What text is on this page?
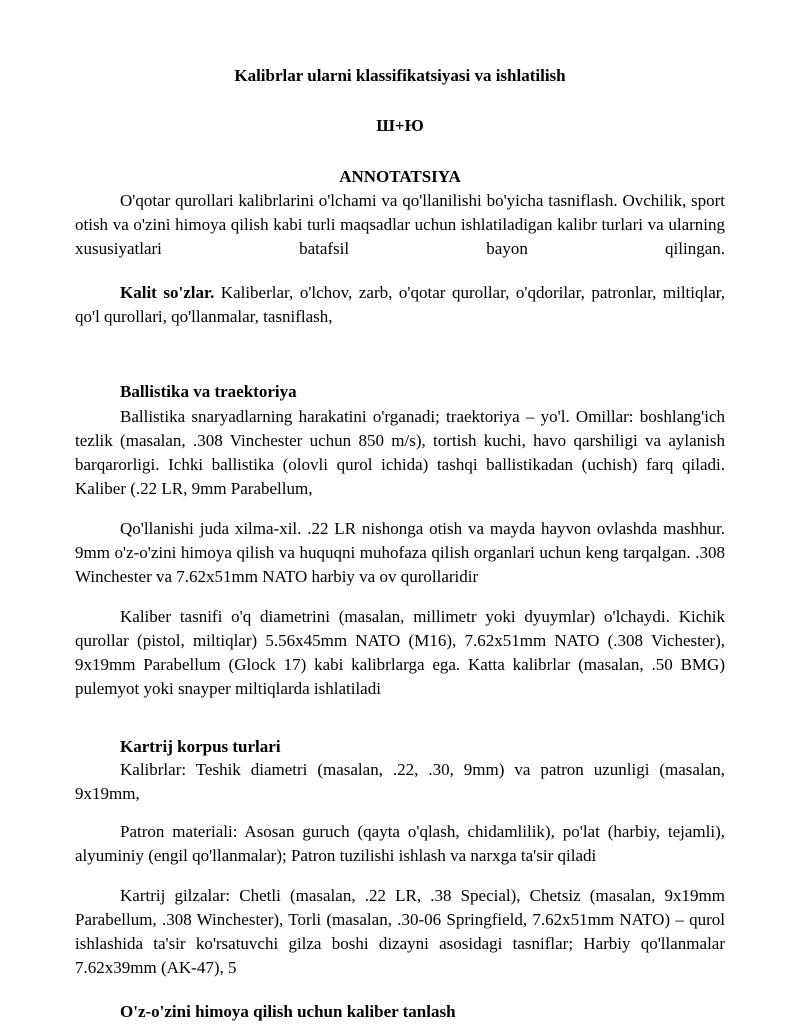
Kalibrlar ularni klassifikatsiyasi va ishlatilish
Ш+Ю
ANNOTATSIYA

O'qotar qurollari kalibrlarini o'lchami va qo'llanilishi bo'yicha tasniflash. Ovchilik, sport otish va o'zini himoya qilish kabi turli maqsadlar uchun ishlatiladigan kalibr turlari va ularning xususiyatlari batafsil bayon qilingan.

Kalit so'zlar. Kaliberlar, o'lchov, zarb, o'qotar qurollar, o'qdorilar, patronlar, miltiqlar, qo'l qurollari, qo'llanmalar, tasniflash,

Ballistika va traektoriya

Ballistika snaryadlarning harakatini o'rganadi; traektoriya – yo'l. Omillar: boshlang'ich tezlik (masalan, .308 Vinchester uchun 850 m/s), tortish kuchi, havo qarshiligi va aylanish barqarorligi. Ichki ballistika (olovli qurol ichida) tashqi ballistikadan (uchish) farq qiladi. Kaliber (.22 LR, 9mm Parabellum,

Qo'llanishi juda xilma-xil. .22 LR nishonga otish va mayda hayvon ovlashda mashhur. 9mm o'z-o'zini himoya qilish va huquqni muhofaza qilish organlari uchun keng tarqalgan. .308 Winchester va 7.62x51mm NATO harbiy va ov qurollaridir

Kaliber tasnifi o'q diametrini (masalan, millimetr yoki dyuymlar) o'lchaydi. Kichik qurollar (pistol, miltiqlar) 5.56x45mm NATO (M16), 7.62x51mm NATO (.308 Vichester), 9x19mm Parabellum (Glock 17) kabi kalibrlarga ega. Katta kalibrlar (masalan, .50 BMG) pulemyot yoki snayper miltiqlarda ishlatiladi

Kartrij korpus turlari

Kalibrlar: Teshik diametri (masalan, .22, .30, 9mm) va patron uzunligi (masalan, 9x19mm,

Patron materiali: Asosan guruch (qayta o'qlash, chidamlilik), po'lat (harbiy, tejamli), alyuminiy (engil qo'llanmalar); Patron tuzilishi ishlash va narxga ta'sir qiladi

Kartrij gilzalar: Chetli (masalan, .22 LR, .38 Special), Chetsiz (masalan, 9x19mm Parabellum, .308 Winchester), Torli (masalan, .30-06 Springfield, 7.62x51mm NATO) – qurol ishlashida ta'sir ko'rsatuvchi gilza boshi dizayni asosidagi tasniflar; Harbiy qo'llanmalar 7.62x39mm (AK-47), 5

O'z-o'zini himoya qilish uchun kaliber tanlash
